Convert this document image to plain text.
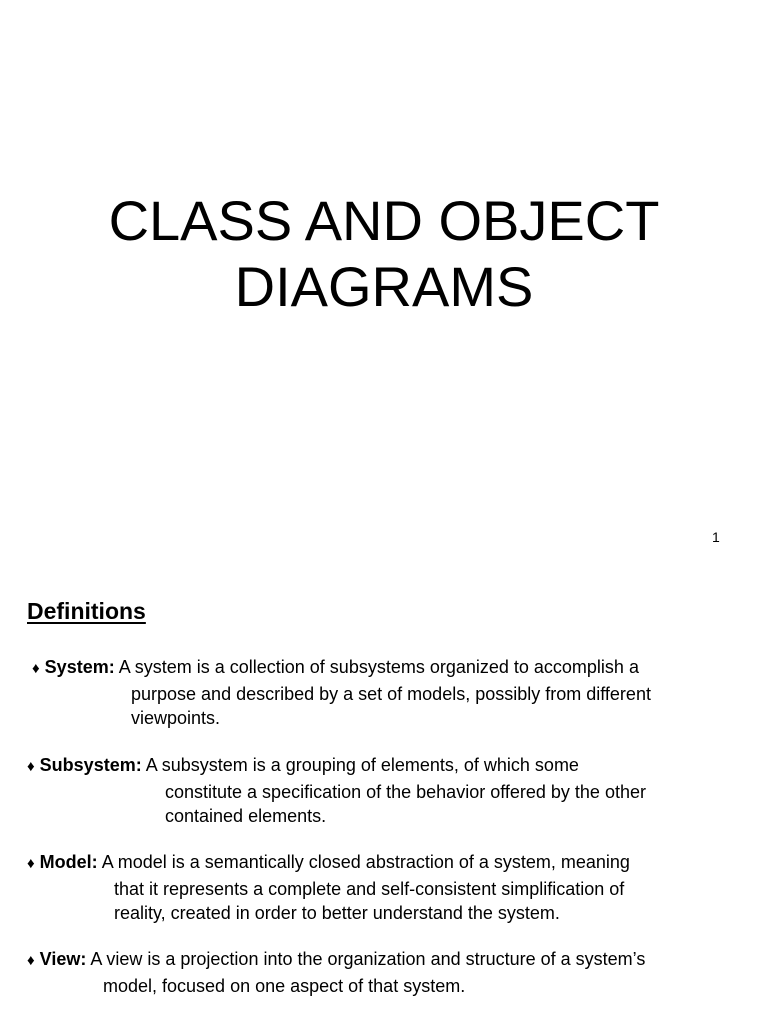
CLASS AND OBJECT
DIAGRAMS
1
Definitions
♦ System: A system is a collection of subsystems organized to accomplish a
purpose and described by a set of models, possibly from different
viewpoints.
♦ Subsystem: A subsystem is a grouping of elements, of which some
constitute a specification of the behavior offered by the other
contained elements.
♦ Model: A model is a semantically closed abstraction of a system, meaning
that it represents a complete and self-consistent simplification of
reality, created in order to better understand the system.
♦ View: A view is a projection into the organization and structure of a system’s
model, focused on one aspect of that system.
